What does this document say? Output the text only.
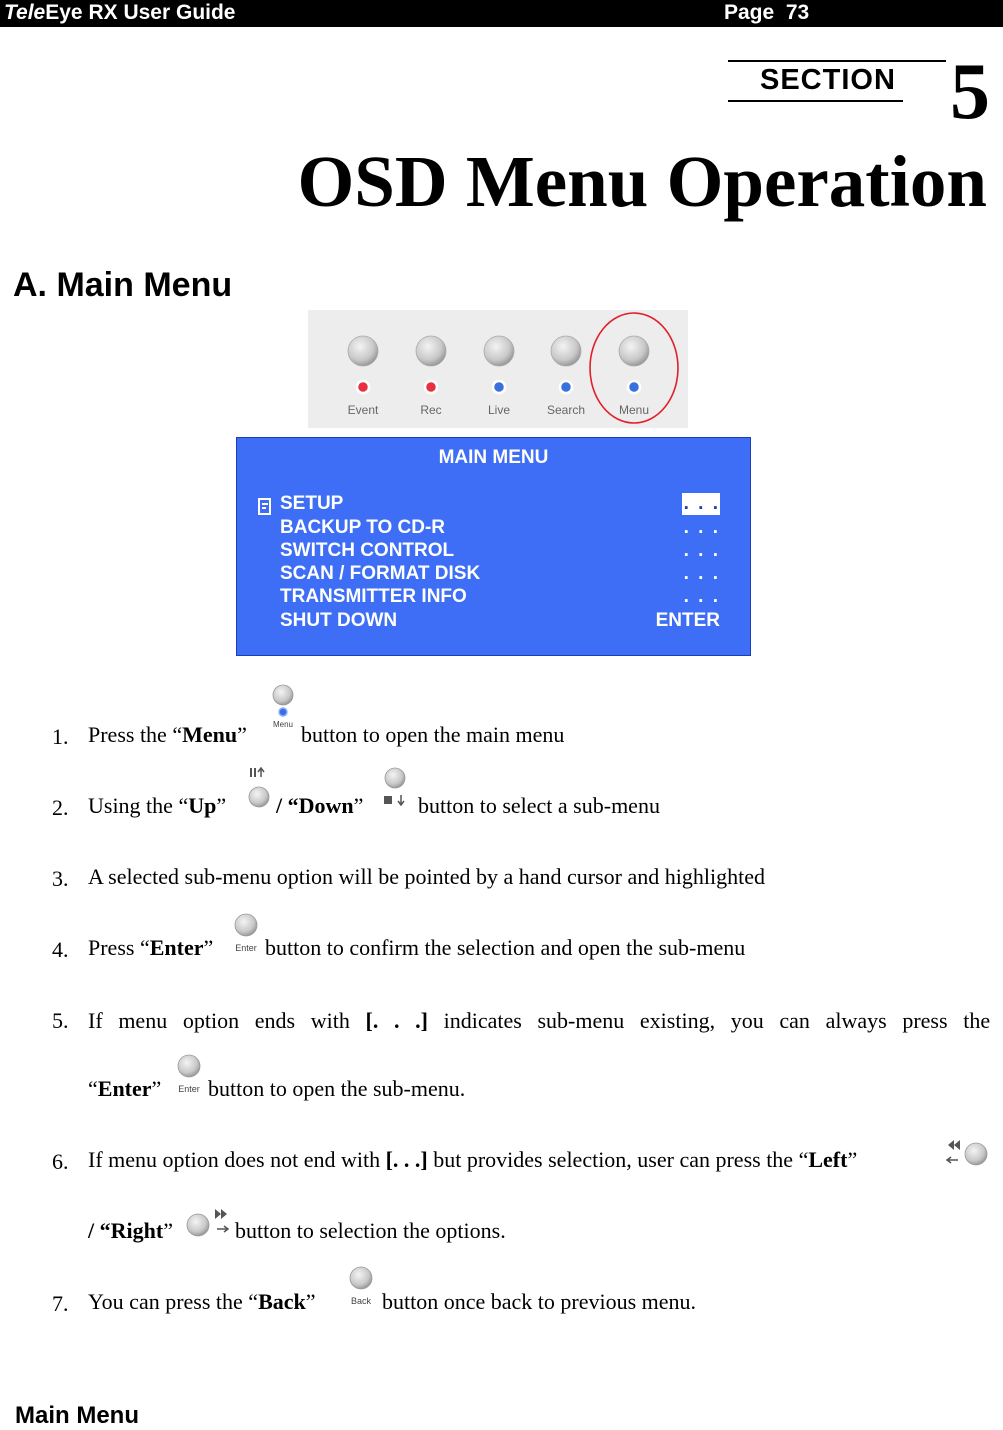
TeleEye RX User Guide	Page  73
SECTION 5
OSD Menu Operation
A. Main Menu
Event	Rec	Live	Search	Menu
MAIN MENU
SETUP	. . .
BACKUP TO CD-R	. . .
SWITCH CONTROL	. . .
SCAN / FORMAT DISK	. . .
TRANSMITTER INFO	. . .
SHUT DOWN	ENTER
1. Press the “Menu”	Menu button to open the main menu
2. Using the “Up” / “Down” button to select a sub-menu
3. A selected sub-menu option will be pointed by a hand cursor and highlighted
4. Press “Enter” Enter button to confirm the selection and open the sub-menu
5. If menu option ends with [. . .] indicates sub-menu existing, you can always press the
“Enter” Enter button to open the sub-menu.
6. If menu option does not end with [. . .] but provides selection, user can press the “Left”
/ “Right”	button to selection the options.
7. You can press the “Back”	Back button once back to previous menu.
Main Menu
